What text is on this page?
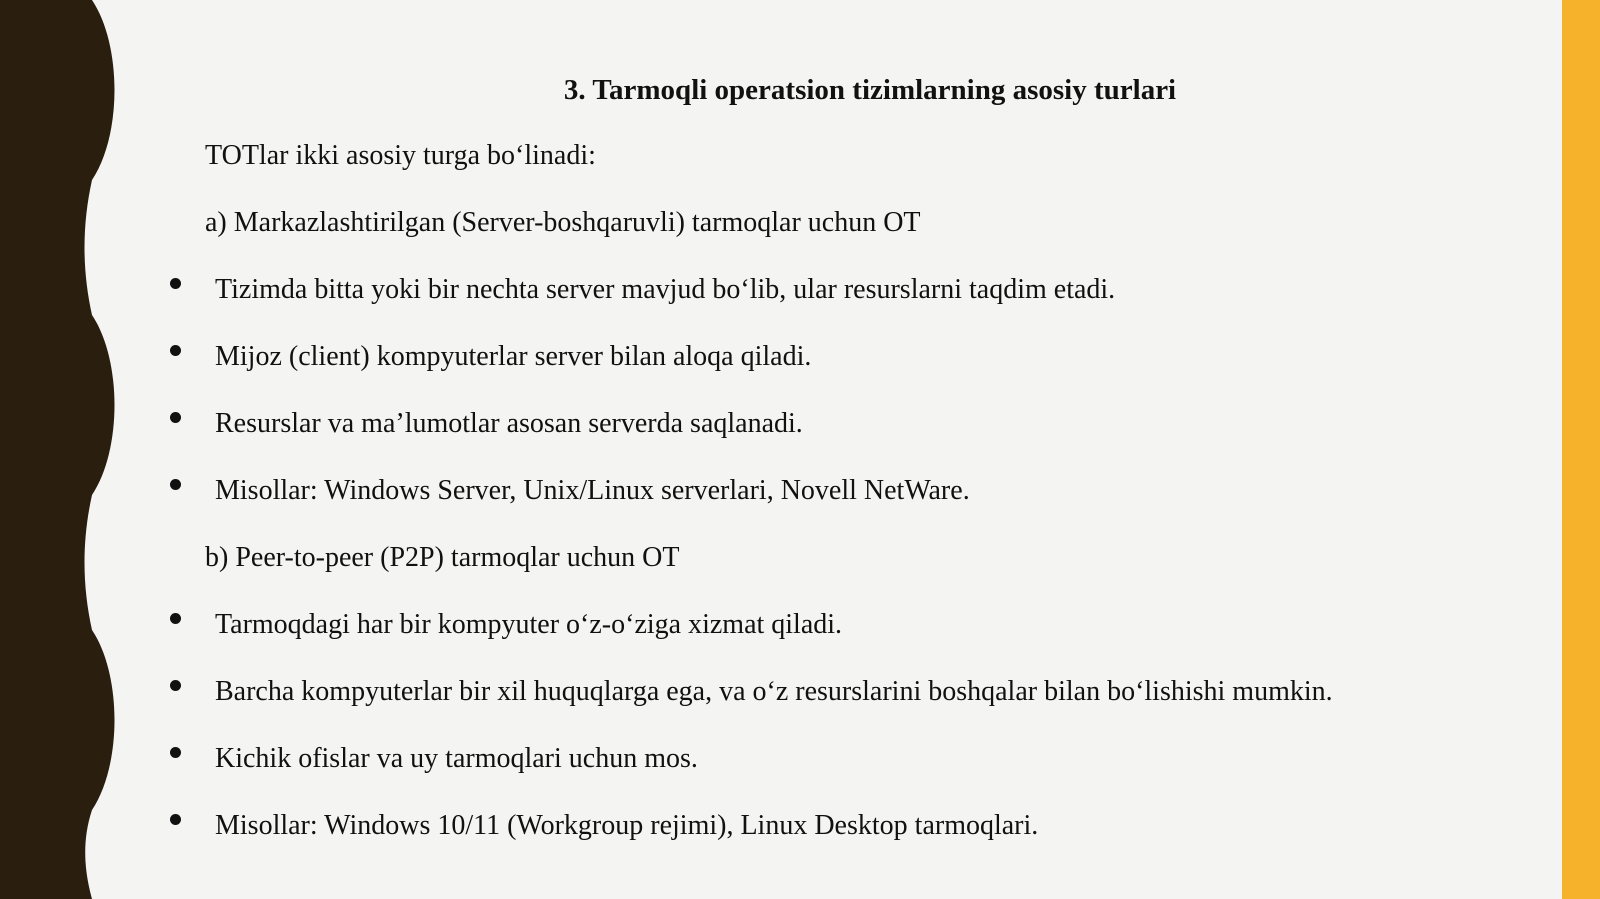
3. Tarmoqli operatsion tizimlarning asosiy turlari
TOTlar ikki asosiy turga bo‘linadi:
a) Markazlashtirilgan (Server-boshqaruvli) tarmoqlar uchun OT
Tizimda bitta yoki bir nechta server mavjud bo‘lib, ular resurslarni taqdim etadi.
Mijoz (client) kompyuterlar server bilan aloqa qiladi.
Resurslar va ma’lumotlar asosan serverda saqlanadi.
Misollar: Windows Server, Unix/Linux serverlari, Novell NetWare.
b) Peer-to-peer (P2P) tarmoqlar uchun OT
Tarmoqdagi har bir kompyuter o‘z-o‘ziga xizmat qiladi.
Barcha kompyuterlar bir xil huquqlarga ega, va o‘z resurslarini boshqalar bilan bo‘lishishi mumkin.
Kichik ofislar va uy tarmoqlari uchun mos.
Misollar: Windows 10/11 (Workgroup rejimi), Linux Desktop tarmoqlari.
